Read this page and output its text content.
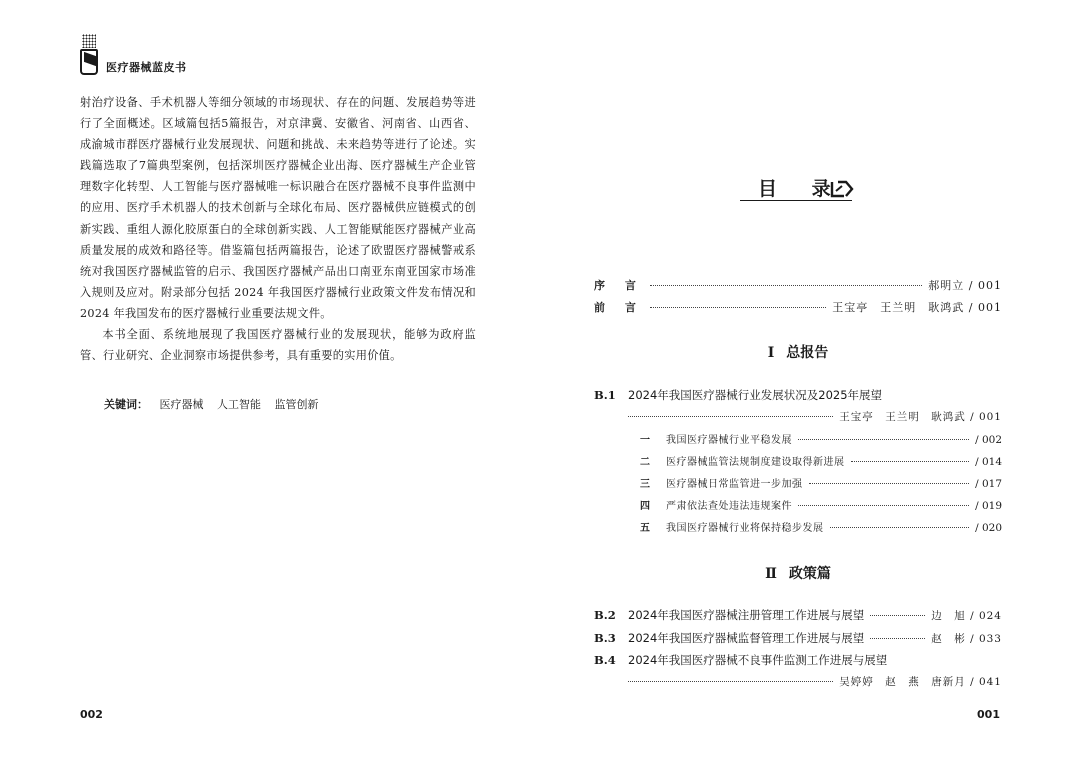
医疗器械蓝皮书

射治疗设备、手术机器人等细分领域的市场现状、存在的问题、发展趋势等进行了全面概述。区域篇包括5篇报告，对京津冀、安徽省、河南省、山西省、成渝城市群医疗器械行业发展现状、问题和挑战、未来趋势等进行了论述。实践篇选取了7篇典型案例，包括深圳医疗器械企业出海、医疗器械生产企业管理数字化转型、人工智能与医疗器械唯一标识融合在医疗器械不良事件监测中的应用、医疗手术机器人的技术创新与全球化布局、医疗器械供应链模式的创新实践、重组人源化胶原蛋白的全球创新实践、人工智能赋能医疗器械产业高质量发展的成效和路径等。借鉴篇包括两篇报告，论述了欧盟医疗器械警戒系统对我国医疗器械监管的启示、我国医疗器械产品出口南亚东南亚国家市场准入规则及应对。附录部分包括 2024 年我国医疗器械行业政策文件发布情况和 2024 年我国发布的医疗器械行业重要法规文件。

本书全面、系统地展现了我国医疗器械行业的发展现状，能够为政府监管、行业研究、企业洞察市场提供参考，具有重要的实用价值。

关键词： 医疗器械 人工智能 监管创新
002
目 录
序 言	郝明立 / 001
前 言	王宝亭　王兰明　耿鸿武 / 001
Ⅰ 总报告
B.1	2024年我国医疗器械行业发展状况及2025年展望
王宝亭　王兰明　耿鸿武 / 001
一	我国医疗器械行业平稳发展	/ 002
二	医疗器械监管法规制度建设取得新进展	/ 014
三	医疗器械日常监管进一步加强	/ 017
四	严肃依法查处违法违规案件	/ 019
五	我国医疗器械行业将保持稳步发展	/ 020
Ⅱ 政策篇
B.2	2024年我国医疗器械注册管理工作进展与展望	边　旭 / 024
B.3	2024年我国医疗器械监督管理工作进展与展望	赵　彬 / 033
B.4	2024年我国医疗器械不良事件监测工作进展与展望
吴婷婷　赵　燕　唐新月 / 041
001
